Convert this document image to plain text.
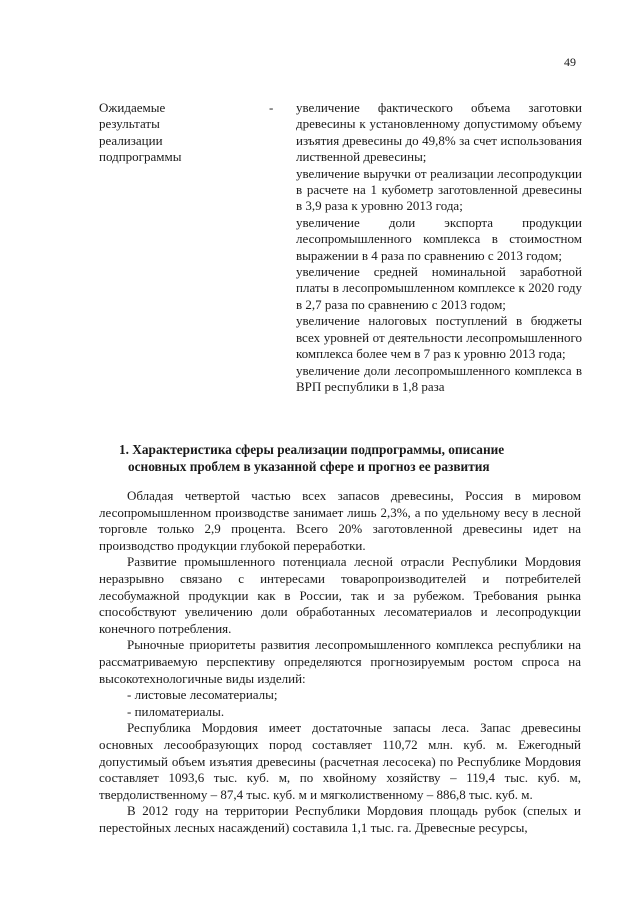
49
Ожидаемые
результаты
реализации
подпрограммы
-	увеличение фактического объема заготовки древесины к установленному допустимому объему изъятия древесины до 49,8% за счет использования лиственной древесины;
увеличение выручки от реализации лесопродукции в расчете на 1 кубометр заготовленной древесины в 3,9 раза к уровню 2013 года;
увеличение доли экспорта продукции лесопромышленного комплекса в стоимостном выражении в 4 раза по сравнению с 2013 годом;
увеличение средней номинальной заработной платы в лесопромышленном комплексе к 2020 году в 2,7 раза по сравнению с 2013 годом;
увеличение налоговых поступлений в бюджеты всех уровней от деятельности лесопромышленного комплекса более чем в 7 раз к уровню 2013 года;
увеличение доли лесопромышленного комплекса в ВРП республики в 1,8 раза
1. Характеристика сферы реализации подпрограммы, описание
основных проблем в указанной сфере и прогноз ее развития

Обладая четвертой частью всех запасов древесины, Россия в мировом лесопромышленном производстве занимает лишь 2,3%, а по удельному весу в лесной торговле только 2,9 процента. Всего 20% заготовленной древесины идет на производство продукции глубокой переработки.

Развитие промышленного потенциала лесной отрасли Республики Мордовия неразрывно связано с интересами товаропроизводителей и потребителей лесобумажной продукции как в России, так и за рубежом. Требования рынка способствуют увеличению доли обработанных лесоматериалов и лесопродукции конечного потребления.

Рыночные приоритеты развития лесопромышленного комплекса республики на рассматриваемую перспективу определяются прогнозируемым ростом спроса на высокотехнологичные виды изделий:

- листовые лесоматериалы;

- пиломатериалы.

Республика Мордовия имеет достаточные запасы леса. Запас древесины основных лесообразующих пород составляет 110,72 млн. куб. м. Ежегодный допустимый объем изъятия древесины (расчетная лесосека) по Республике Мордовия составляет 1093,6 тыс. куб. м, по хвойному хозяйству – 119,4 тыс. куб. м, твердолиственному – 87,4 тыс. куб. м и мягколиственному – 886,8 тыс. куб. м.

В 2012 году на территории Республики Мордовия площадь рубок (спелых и перестойных лесных насаждений) составила 1,1 тыс. га. Древесные ресурсы,
